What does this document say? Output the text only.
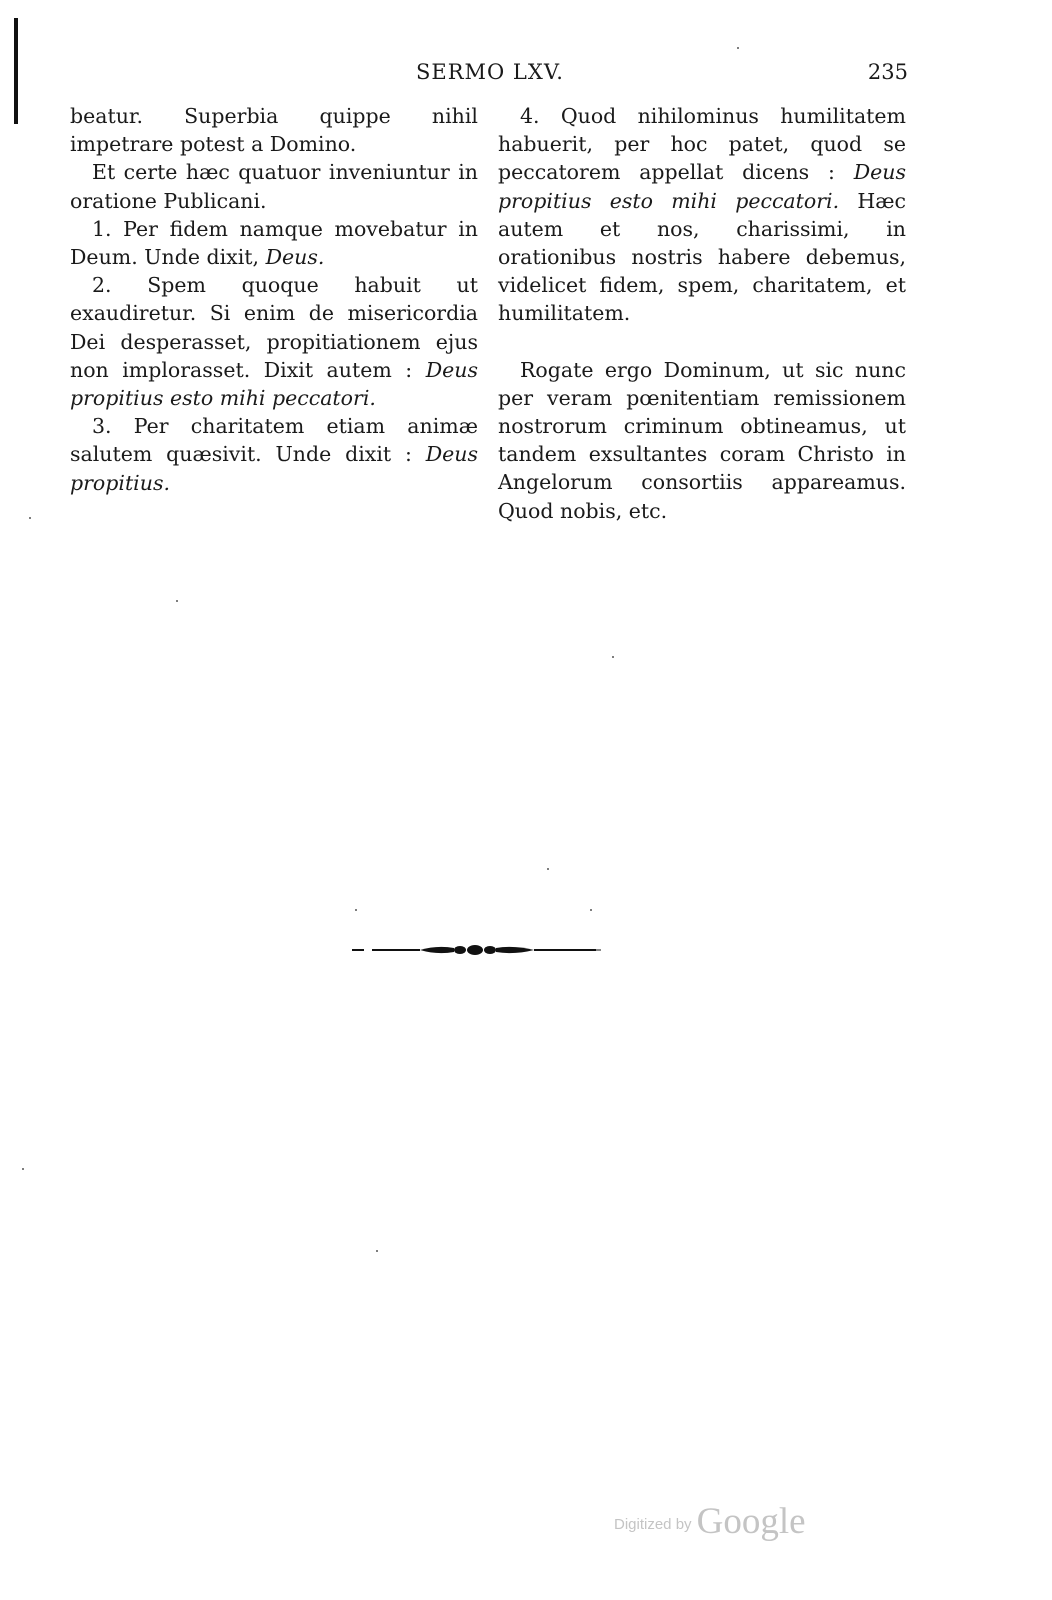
SERMO LXV.	235

beatur. Superbia quippe nihil impetrare potest a Domino.

Et certe hæc quatuor inveniuntur in oratione Publicani.

1. Per fidem namque movebatur in Deum. Unde dixit, Deus.

2. Spem quoque habuit ut exaudiretur. Si enim de misericordia Dei desperasset, propitiationem ejus non implorasset. Dixit autem : Deus propitius esto mihi peccatori.

3. Per charitatem etiam animæ salutem quæsivit. Unde dixit : Deus propitius.

4. Quod nihilominus humilitatem habuerit, per hoc patet, quod se peccatorem appellat dicens : Deus propitius esto mihi peccatori. Hæc autem et nos, charissimi, in orationibus nostris habere debemus, videlicet fidem, spem, charitatem, et humilitatem.

Rogate ergo Dominum, ut sic nunc per veram pœnitentiam remissionem nostrorum criminum obtineamus, ut tandem exsultantes coram Christo in Angelorum consortiis appareamus. Quod nobis, etc.

Digitized by Google
